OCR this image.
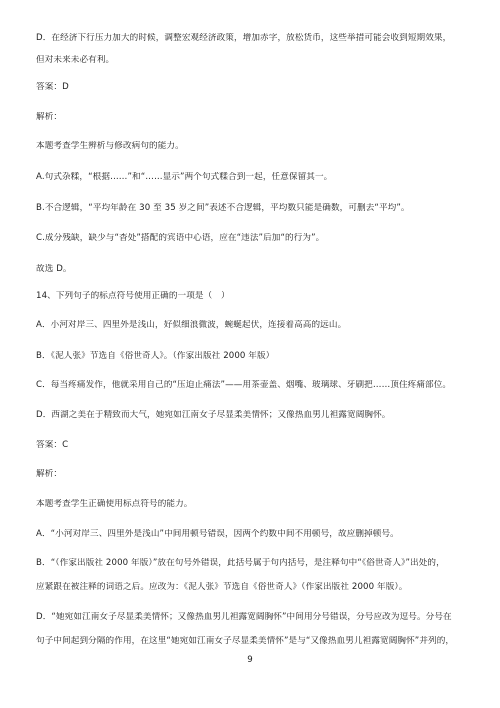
D．在经济下行压力加大的时候，调整宏观经济政策，增加赤字，放松货币，这些举措可能会收到短期效果，
但对未来未必有利。
答案：D
解析：
本题考查学生辨析与修改病句的能力。
A.句式杂糅，“根据……”和“……显示”两个句式糅合到一起，任意保留其一。
B.不合逻辑，“平均年龄在 30 至 35 岁之间”表述不合逻辑，平均数只能是确数，可删去“平均”。
C.成分残缺，缺少与“杳处”搭配的宾语中心语，应在“违法”后加“的行为”。
故选 D。
14、下列句子的标点符号使用正确的一项是（　）
A．小河对岸三、四里外是浅山，好似细浪微波，蜿蜒起伏，连接着高高的远山。
B．《泥人张》节选自《俗世奇人》。（作家出版社 2000 年版）
C．每当疼痛发作，他就采用自己的“压迫止痛法”——用茶壶盖、烟嘴、玻璃球、牙刷把……顶住疼痛部位。
D．西湖之美在于精致而大气，她宛如江南女子尽显柔美情怀；又像热血男儿袒露宽阔胸怀。
答案：C
解析：
本题考查学生正确使用标点符号的能力。
A．“小河对岸三、四里外是浅山”中间用顿号错误，因两个约数中间不用顿号，故应删掉顿号。
B．“（作家出版社 2000 年版）”放在句号外错误，此括号属于句内括号，是注释句中“《俗世奇人》”出处的，
应紧跟在被注释的词语之后。应改为：《泥人张》节选自《俗世奇人》（作家出版社 2000 年版）。
D．“她宛如江南女子尽显柔美情怀；又像热血男儿袒露宽阔胸怀”中间用分号错误，分号应改为逗号。分号在
句子中间起到分隔的作用，在这里“她宛如江南女子尽显柔美情怀”是与“又像热血男儿袒露宽阔胸怀”并列的，
9
